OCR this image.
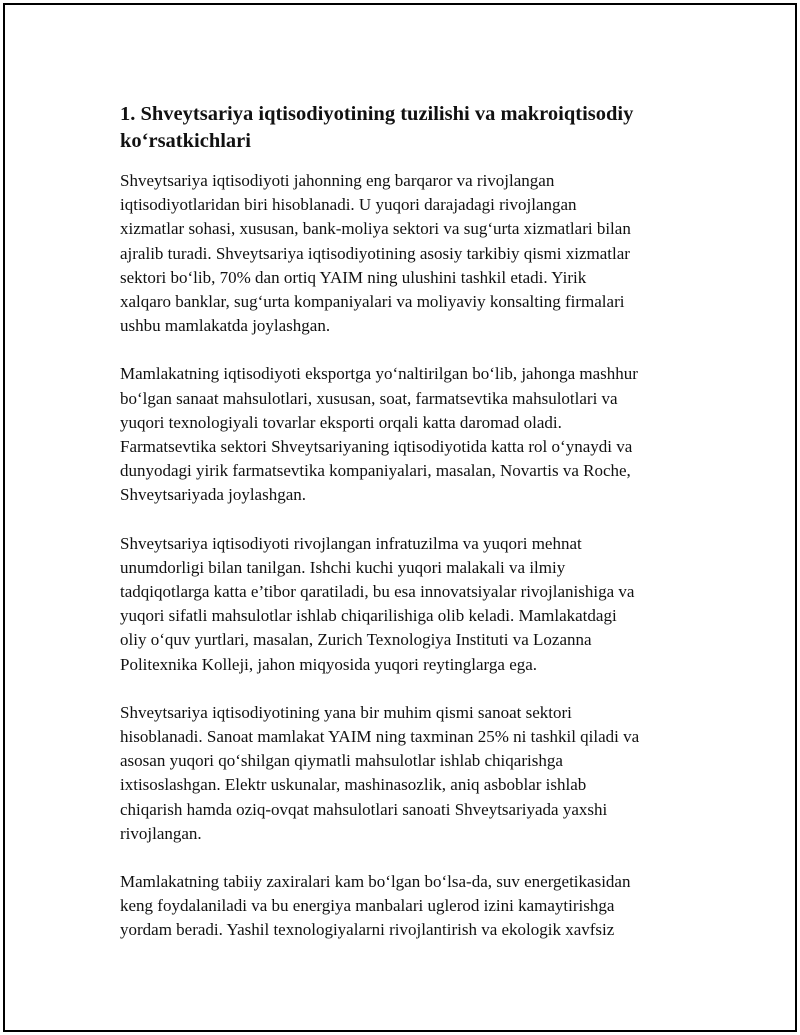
1. Shveytsariya iqtisodiyotining tuzilishi va makroiqtisodiy
ko‘rsatkichlari

Shveytsariya iqtisodiyoti jahonning eng barqaror va rivojlangan
iqtisodiyotlaridan biri hisoblanadi. U yuqori darajadagi rivojlangan
xizmatlar sohasi, xususan, bank-moliya sektori va sug‘urta xizmatlari bilan
ajralib turadi. Shveytsariya iqtisodiyotining asosiy tarkibiy qismi xizmatlar
sektori bo‘lib, 70% dan ortiq YAIM ning ulushini tashkil etadi. Yirik
xalqaro banklar, sug‘urta kompaniyalari va moliyaviy konsalting firmalari
ushbu mamlakatda joylashgan.

Mamlakatning iqtisodiyoti eksportga yo‘naltirilgan bo‘lib, jahonga mashhur
bo‘lgan sanaat mahsulotlari, xususan, soat, farmatsevtika mahsulotlari va
yuqori texnologiyali tovarlar eksporti orqali katta daromad oladi.
Farmatsevtika sektori Shveytsariyaning iqtisodiyotida katta rol o‘ynaydi va
dunyodagi yirik farmatsevtika kompaniyalari, masalan, Novartis va Roche,
Shveytsariyada joylashgan.

Shveytsariya iqtisodiyoti rivojlangan infratuzilma va yuqori mehnat
unumdorligi bilan tanilgan. Ishchi kuchi yuqori malakali va ilmiy
tadqiqotlarga katta e’tibor qaratiladi, bu esa innovatsiyalar rivojlanishiga va
yuqori sifatli mahsulotlar ishlab chiqarilishiga olib keladi. Mamlakatdagi
oliy o‘quv yurtlari, masalan, Zurich Texnologiya Instituti va Lozanna
Politexnika Kolleji, jahon miqyosida yuqori reytinglarga ega.

Shveytsariya iqtisodiyotining yana bir muhim qismi sanoat sektori
hisoblanadi. Sanoat mamlakat YAIM ning taxminan 25% ni tashkil qiladi va
asosan yuqori qo‘shilgan qiymatli mahsulotlar ishlab chiqarishga
ixtisoslashgan. Elektr uskunalar, mashinasozlik, aniq asboblar ishlab
chiqarish hamda oziq-ovqat mahsulotlari sanoati Shveytsariyada yaxshi
rivojlangan.

Mamlakatning tabiiy zaxiralari kam bo‘lgan bo‘lsa-da, suv energetikasidan
keng foydalaniladi va bu energiya manbalari uglerod izini kamaytirishga
yordam beradi. Yashil texnologiyalarni rivojlantirish va ekologik xavfsiz
